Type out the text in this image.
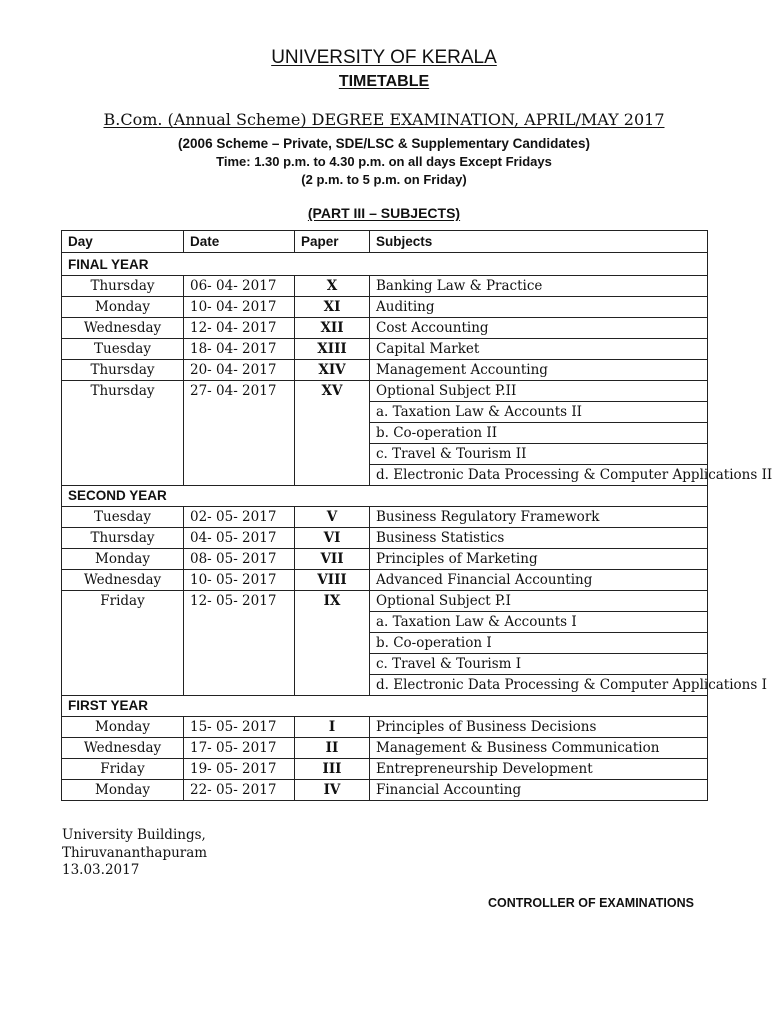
UNIVERSITY OF KERALA
TIMETABLE
B.Com. (Annual Scheme) DEGREE EXAMINATION, APRIL/MAY 2017
(2006 Scheme – Private, SDE/LSC & Supplementary Candidates)
Time: 1.30 p.m. to 4.30 p.m. on all days Except Fridays
(2 p.m. to 5 p.m. on Friday)
(PART III – SUBJECTS)
Day	Date	Paper	Subjects
FINAL YEAR			
Thursday	06- 04- 2017	X	Banking Law & Practice
Monday	10- 04- 2017	XI	Auditing
Wednesday	12- 04- 2017	XII	Cost Accounting
Tuesday	18- 04- 2017	XIII	Capital Market
Thursday	20- 04- 2017	XIV	Management Accounting
Thursday	27- 04- 2017	XV	Optional Subject P.II
			a. Taxation Law & Accounts II
			b. Co-operation II
			c. Travel & Tourism II
			d. Electronic Data Processing & Computer Applications II
SECOND YEAR			
Tuesday	02- 05- 2017	V	Business Regulatory Framework
Thursday	04- 05- 2017	VI	Business Statistics
Monday	08- 05- 2017	VII	Principles of Marketing
Wednesday	10- 05- 2017	VIII	Advanced Financial Accounting
Friday	12- 05- 2017	IX	Optional Subject P.I
			a. Taxation Law & Accounts I
			b. Co-operation I
			c. Travel & Tourism I
			d. Electronic Data Processing & Computer Applications I
FIRST YEAR			
Monday	15- 05- 2017	I	Principles of Business Decisions
Wednesday	17- 05- 2017	II	Management & Business Communication
Friday	19- 05- 2017	III	Entrepreneurship Development
Monday	22- 05- 2017	IV	Financial Accounting
University Buildings,
Thiruvananthapuram
13.03.2017
CONTROLLER OF EXAMINATIONS
